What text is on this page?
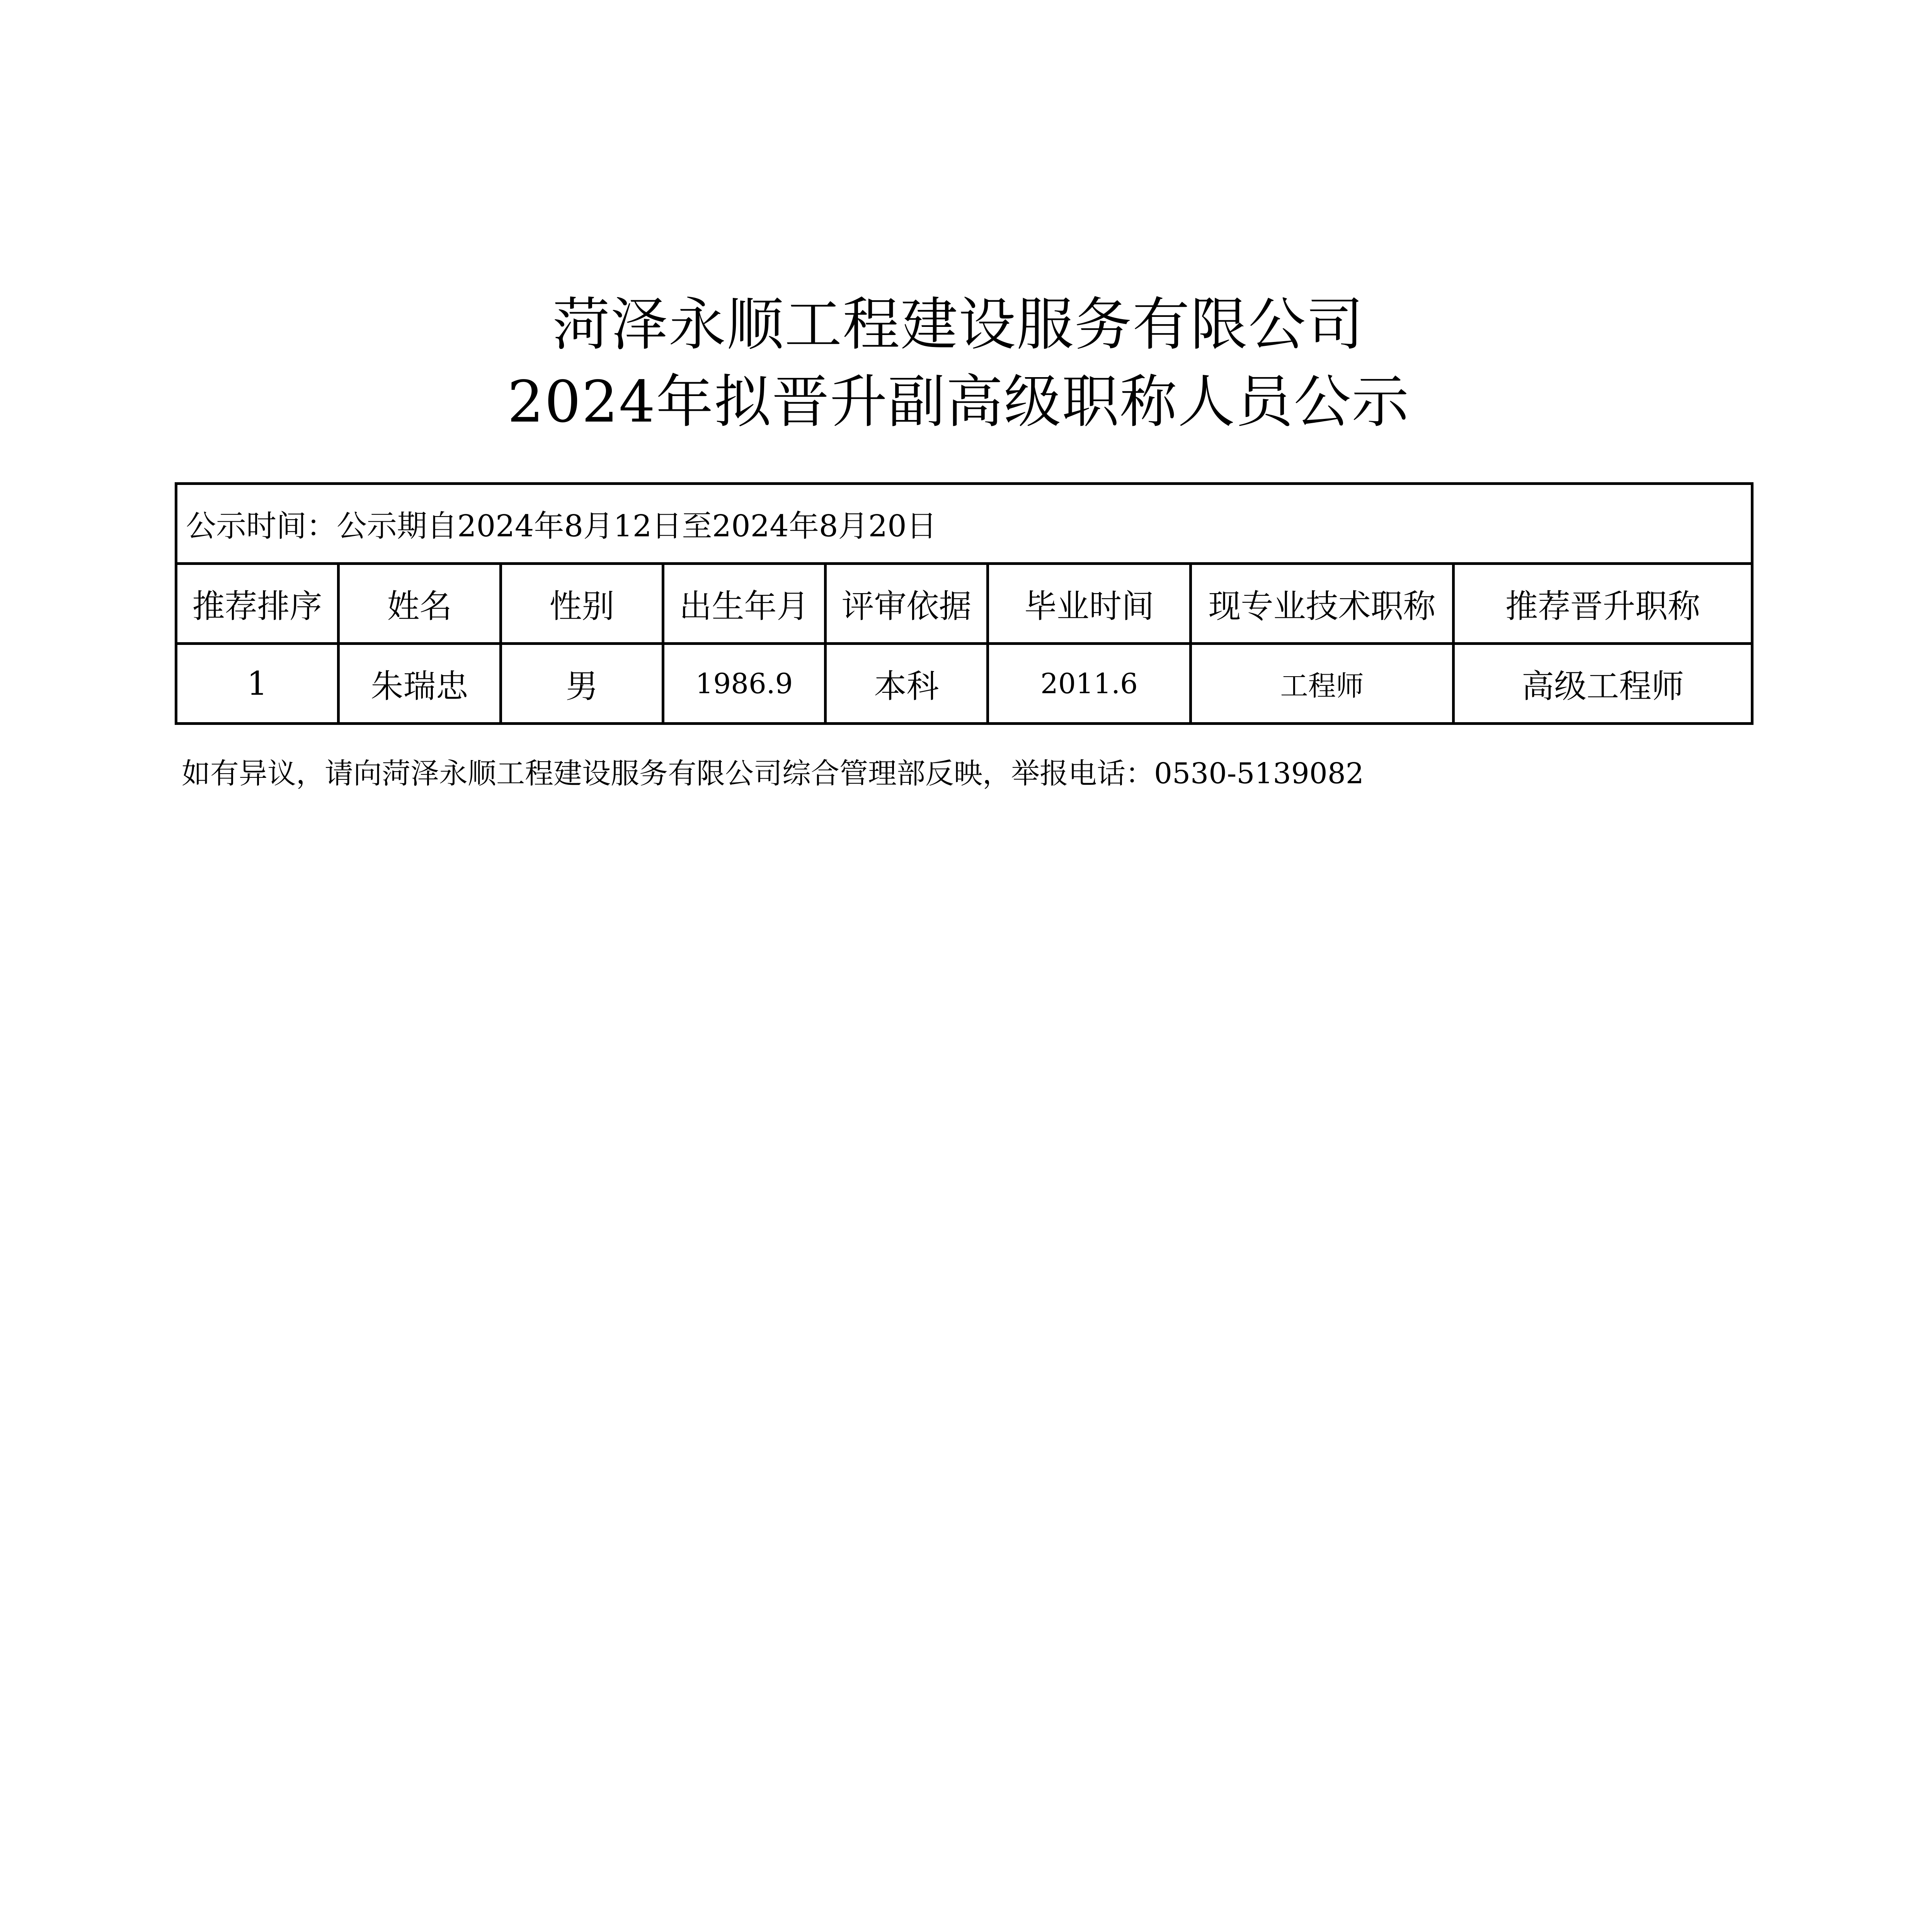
菏泽永顺工程建设服务有限公司
2024年拟晋升副高级职称人员公示
公示时间：公示期自2024年8月12日至2024年8月20日							
推荐排序	姓名	性别	出生年月	评审依据	毕业时间	现专业技术职称	推荐晋升职称
1	朱瑞忠	男	1986.9	本科	2011.6	工程师	高级工程师
如有异议，请向菏泽永顺工程建设服务有限公司综合管理部反映，举报电话：0530-5139082
